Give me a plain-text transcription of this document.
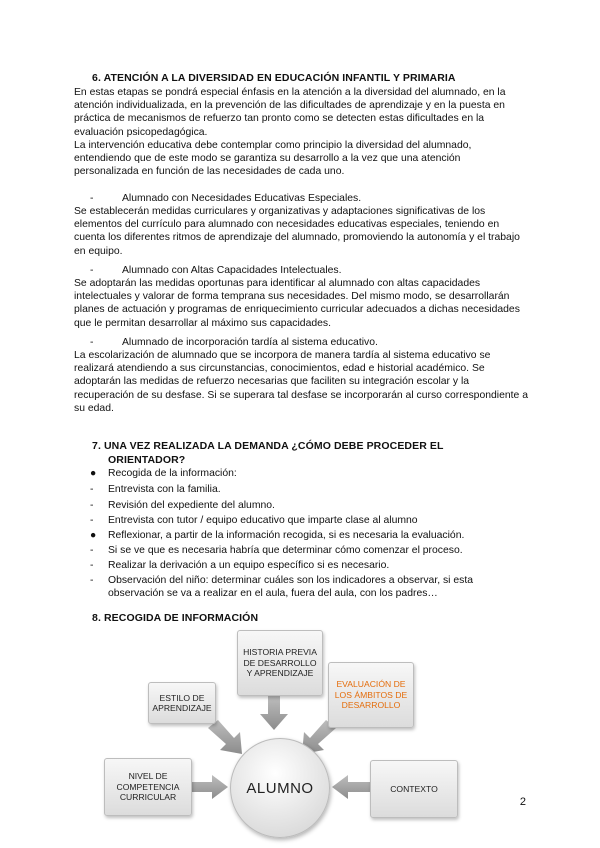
6. ATENCIÓN A LA DIVERSIDAD EN EDUCACIÓN INFANTIL Y PRIMARIA

En estas etapas se pondrá especial énfasis en la atención a la diversidad del alumnado, en la atención individualizada, en la prevención de las dificultades de aprendizaje y en la puesta en práctica de mecanismos de refuerzo tan pronto como se detecten estas dificultades en la evaluación psicopedagógica.

La intervención educativa debe contemplar como principio la diversidad del alumnado, entendiendo que de este modo se garantiza su desarrollo a la vez que una atención personalizada en función de las necesidades de cada uno.

-	Alumnado con Necesidades Educativas Especiales.

Se establecerán medidas curriculares y organizativas y adaptaciones significativas de los elementos del currículo para alumnado con necesidades educativas especiales, teniendo en cuenta los diferentes ritmos de aprendizaje del alumnado, promoviendo la autonomía y el trabajo en equipo.

-	Alumnado con Altas Capacidades Intelectuales.

Se adoptarán las medidas oportunas para identificar al alumnado con altas capacidades intelectuales y valorar de forma temprana sus necesidades. Del mismo modo, se desarrollarán planes de actuación y programas de enriquecimiento curricular adecuados a dichas necesidades que le permitan desarrollar al máximo sus capacidades.

-	Alumnado de incorporación tardía al sistema educativo.

La escolarización de alumnado que se incorpora de manera tardía al sistema educativo se realizará atendiendo a sus circunstancias, conocimientos, edad e historial académico. Se adoptarán las medidas de refuerzo necesarias que faciliten su integración escolar y la recuperación de su desfase. Si se superara tal desfase se incorporarán al curso correspondiente a su edad.

7. UNA VEZ REALIZADA LA DEMANDA ¿CÓMO DEBE PROCEDER EL
ORIENTADOR?
●	Recogida de la información:
-	Entrevista con la familia.
-	Revisión del expediente del alumno.
-	Entrevista con tutor / equipo educativo que imparte clase al alumno
●	Reflexionar, a partir de la información recogida, si es necesaria la evaluación.
-	Si se ve que es necesaria habría que determinar cómo comenzar el proceso.
-	Realizar la derivación a un equipo específico si es necesario.
-	Observación del niño: determinar cuáles son los indicadores a observar, si esta observación se va a realizar en el aula, fuera del aula, con los padres…
8. RECOGIDA DE INFORMACIÓN
HISTORIA PREVIA DE DESARROLLO Y APRENDIZAJE
ESTILO DE APRENDIZAJE
EVALUACIÓN DE LOS ÁMBITOS DE DESARROLLO
NIVEL DE COMPETENCIA CURRICULAR
CONTEXTO
ALUMNO
2
